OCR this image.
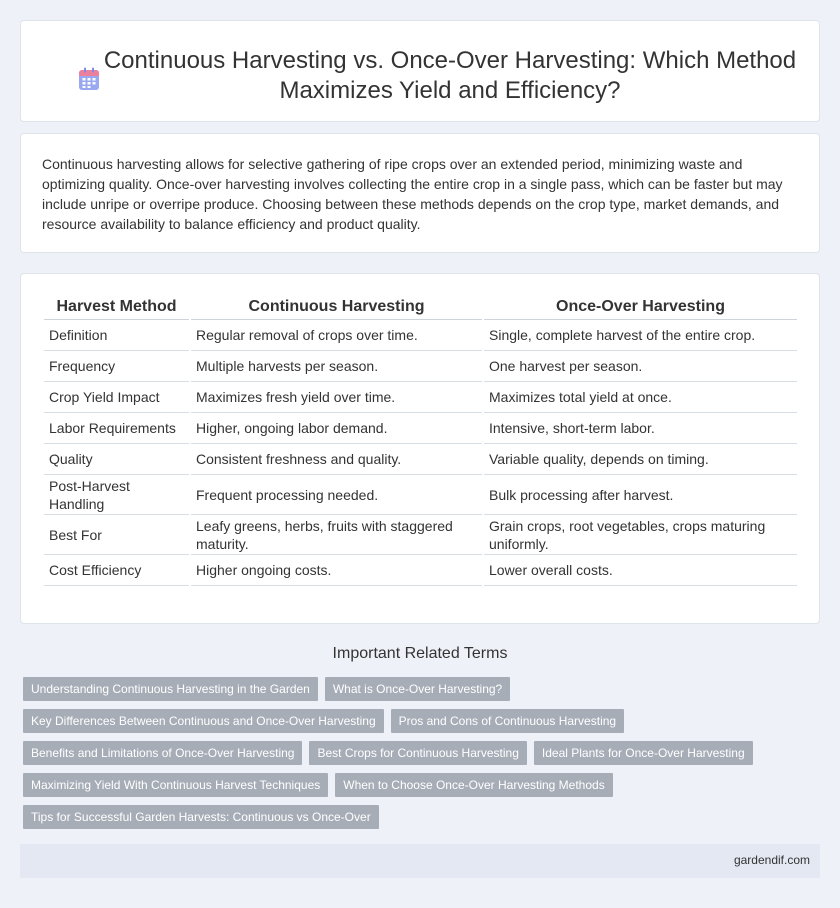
Continuous Harvesting vs. Once-Over Harvesting: Which Method Maximizes Yield and Efficiency?

Continuous harvesting allows for selective gathering of ripe crops over an extended period, minimizing waste and optimizing quality. Once-over harvesting involves collecting the entire crop in a single pass, which can be faster but may include unripe or overripe produce. Choosing between these methods depends on the crop type, market demands, and resource availability to balance efficiency and product quality.

Harvest Method	Continuous Harvesting	Once-Over Harvesting
Definition	Regular removal of crops over time.	Single, complete harvest of the entire crop.
Frequency	Multiple harvests per season.	One harvest per season.
Crop Yield Impact	Maximizes fresh yield over time.	Maximizes total yield at once.
Labor Requirements	Higher, ongoing labor demand.	Intensive, short-term labor.
Quality	Consistent freshness and quality.	Variable quality, depends on timing.
Post-Harvest Handling	Frequent processing needed.	Bulk processing after harvest.
Best For	Leafy greens, herbs, fruits with staggered maturity.	Grain crops, root vegetables, crops maturing uniformly.
Cost Efficiency	Higher ongoing costs.	Lower overall costs.
Important Related Terms
Understanding Continuous Harvesting in the Garden	What is Once-Over Harvesting?
Key Differences Between Continuous and Once-Over Harvesting	Pros and Cons of Continuous Harvesting
Benefits and Limitations of Once-Over Harvesting	Best Crops for Continuous Harvesting	Ideal Plants for Once-Over Harvesting
Maximizing Yield With Continuous Harvest Techniques	When to Choose Once-Over Harvesting Methods
Tips for Successful Garden Harvests: Continuous vs Once-Over
gardendif.com
